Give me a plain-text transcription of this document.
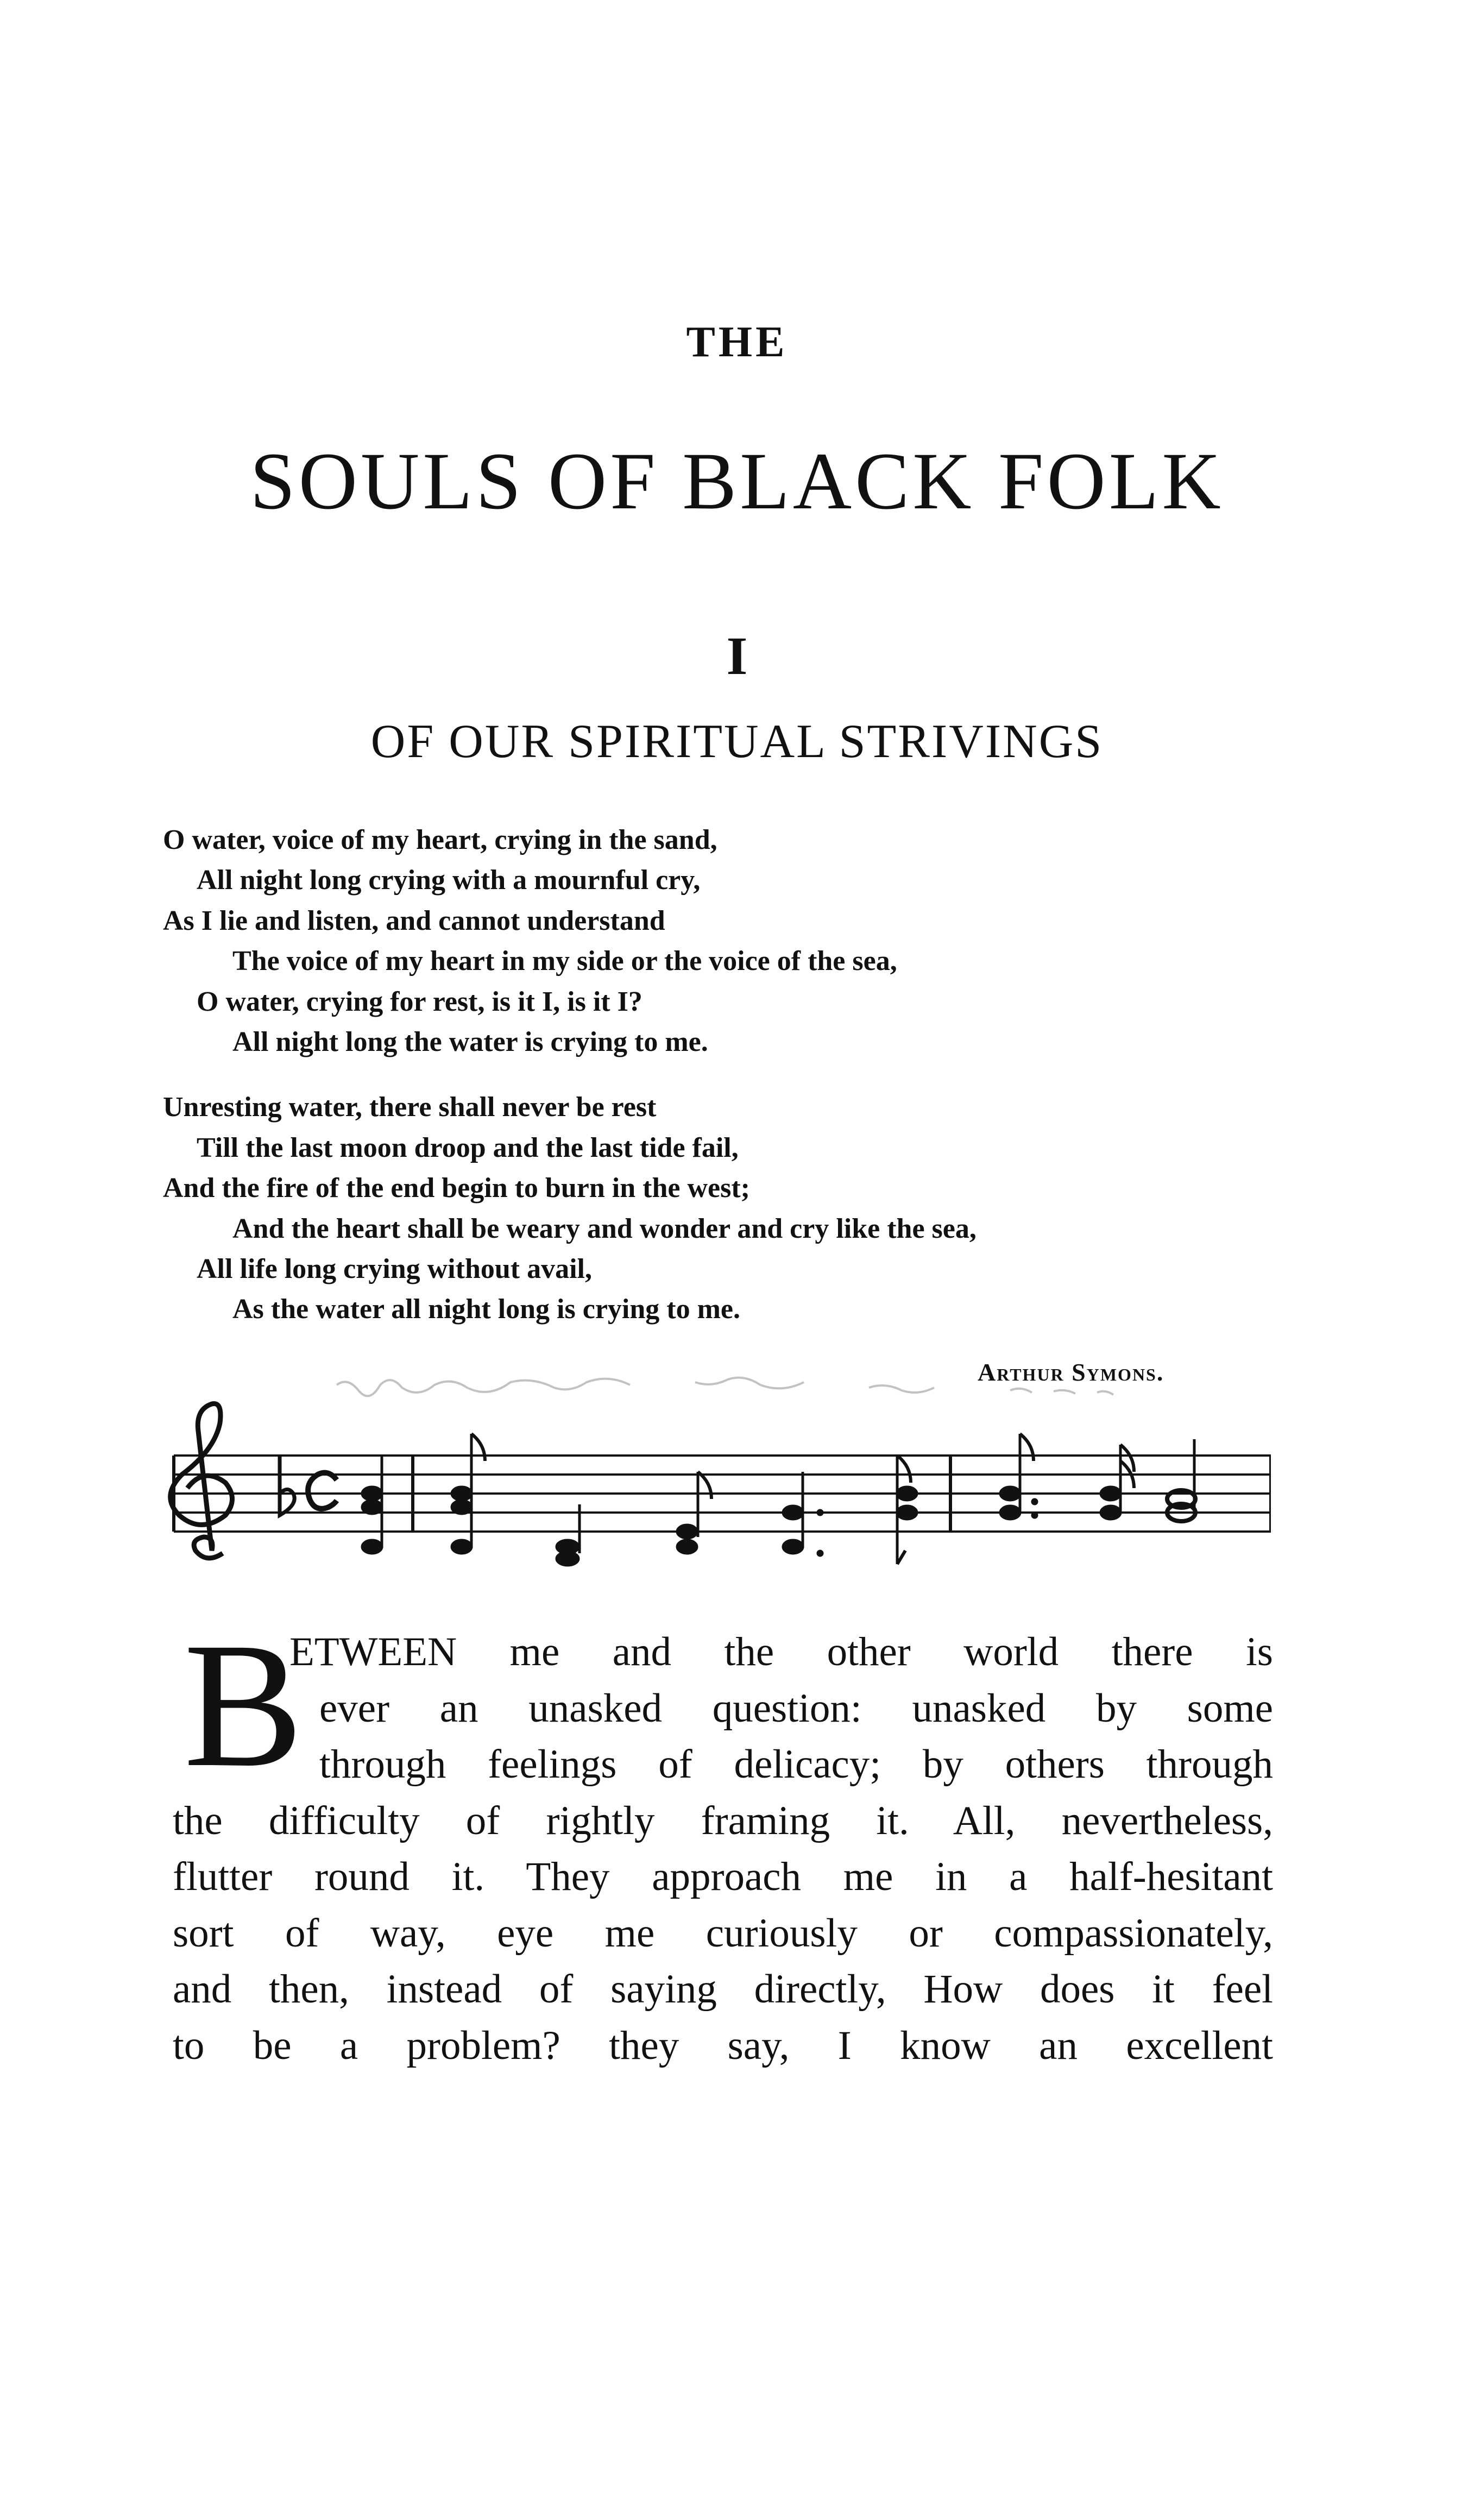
THE
SOULS OF BLACK FOLK
I
OF OUR SPIRITUAL STRIVINGS
O water, voice of my heart, crying in the sand,
All night long crying with a mournful cry,
As I lie and listen, and cannot understand
The voice of my heart in my side or the voice of the sea,
O water, crying for rest, is it I, is it I?
All night long the water is crying to me.
Unresting water, there shall never be rest
Till the last moon droop and the last tide fail,
And the fire of the end begin to burn in the west;
And the heart shall be weary and wonder and cry like the sea,
All life long crying without avail,
As the water all night long is crying to me.
Arthur Symons.
B
ETWEEN me and the other world there is
ever an unasked question: unasked by some
through feelings of delicacy; by others through
the difficulty of rightly framing it. All, nevertheless,
flutter round it. They approach me in a half-hesitant
sort of way, eye me curiously or compassionately,
and then, instead of saying directly, How does it feel
to be a problem? they say, I know an excellent
